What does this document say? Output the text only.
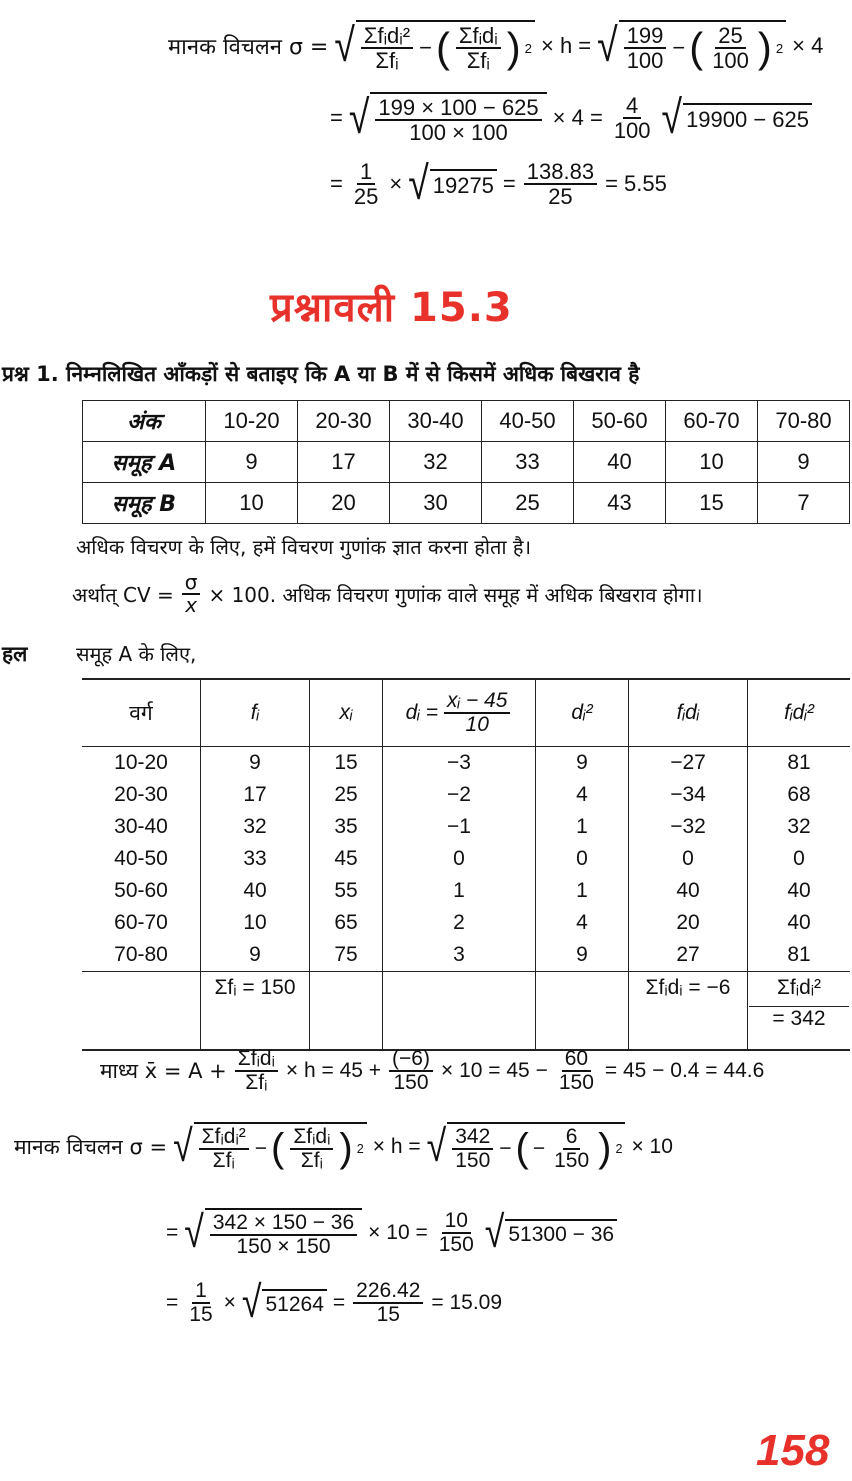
मानक विचलन σ = √ $\frac{\text{Σfᵢdᵢ²}}{\text{Σfᵢ}}$ − ( $\frac{\text{Σfᵢdᵢ}}{\text{Σfᵢ}}$ ) 2 × h = √ $\frac{199}{100}$ − ( $\frac{25}{100}$ ) 2 × 4
= √ $\frac{199 \times 100 - 625}{100 \times 100} \times 4 = \frac{4}{100}$ √ 19900 − 625
= $\frac{1}{25}$ × √ $19275 = \frac{138.83}{25} = 5.55$
प्रश्नावली 15.3
प्रश्न 1. निम्नलिखित आँकड़ों से बताइए कि A या B में से किसमें अधिक बिखराव है
अंक	10-20	20-30	30-40	40-50	50-60	60-70	70-80
समूह A	9	17	32	33	40	10	9
समूह B	10	20	30	25	43	15	7
अधिक विचरण के लिए, हमें विचरण गुणांक ज्ञात करना होता है।
अर्थात् CV = $\frac{\sigma}{x} \times 100$. अधिक विचरण गुणांक वाले समूह में अधिक बिखराव होगा।
हल समूह A के लिए,
वर्ग	fᵢ	xᵢ	dᵢ = $\frac{\text{xᵢ − 45}}{10}$	dᵢ²	fᵢdᵢ	fᵢdᵢ²
10-20	9	15	−3	9	−27	81
20-30	17	25	−2	4	−34	68
30-40	32	35	−1	1	−32	32
40-50	33	45	0	0	0	0
50-60	40	55	1	1	40	40
60-70	10	65	2	4	20	40
70-80	9	75	3	9	27	81
	Σfᵢ = 150				Σfᵢdᵢ = −6	Σfᵢdᵢ²
= 342
माध्य x̄ = $A + \frac{\text{Σfᵢdᵢ}}{\text{Σfᵢ}} \times h = 45 + \frac{(-6)}{150} \times 10 = 45 - \frac{60}{150} = 45 - 0.4 = 44.6$
मानक विचलन σ = √ $\frac{\text{Σfᵢdᵢ²}}{\text{Σfᵢ}}$ − ( $\frac{\text{Σfᵢdᵢ}}{\text{Σfᵢ}}$ ) 2 × h = √ $\frac{342}{150}$ − ( − $\frac{6}{150}$ ) 2 × 10
= √ $\frac{342 \times 150 - 36}{150 \times 150} \times 10 = \frac{10}{150}$ √ 51300 − 36
= $\frac{1}{15}$ × √ $51264 = \frac{226.42}{15} = 15.09$
158
